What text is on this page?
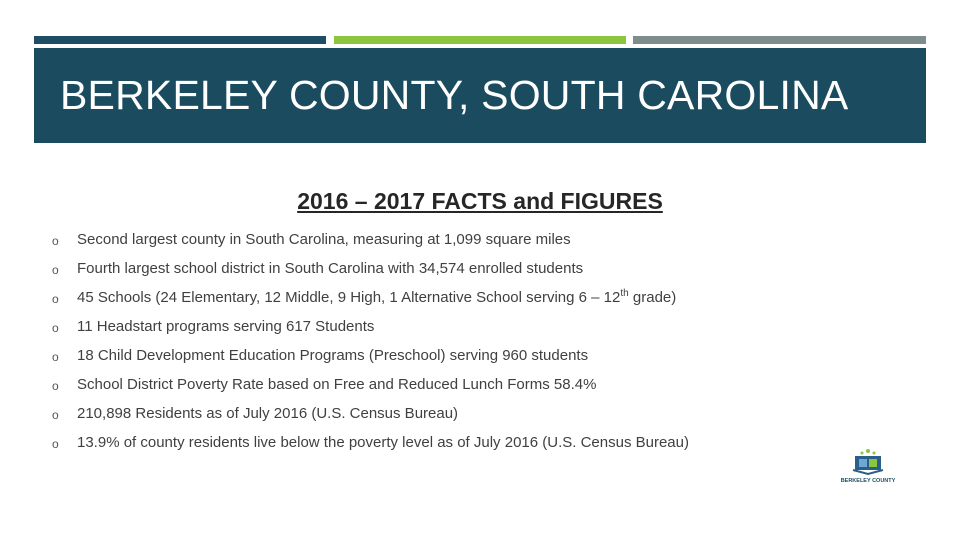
BERKELEY COUNTY, SOUTH CAROLINA
2016 – 2017 FACTS and FIGURES
o	Second largest county in South Carolina, measuring at 1,099 square miles
o	Fourth largest school district in South Carolina with 34,574 enrolled students
o	45 Schools (24 Elementary, 12 Middle, 9 High, 1 Alternative School serving 6 – 12th grade)
o	11 Headstart programs serving 617 Students
o	18 Child Development Education Programs (Preschool) serving 960 students
o	School District Poverty Rate based on Free and Reduced Lunch Forms 58.4%
o	210,898 Residents as of July 2016 (U.S. Census Bureau)
o	13.9% of county residents live below the poverty level as of July 2016 (U.S. Census Bureau)
BERKELEY COUNTY
